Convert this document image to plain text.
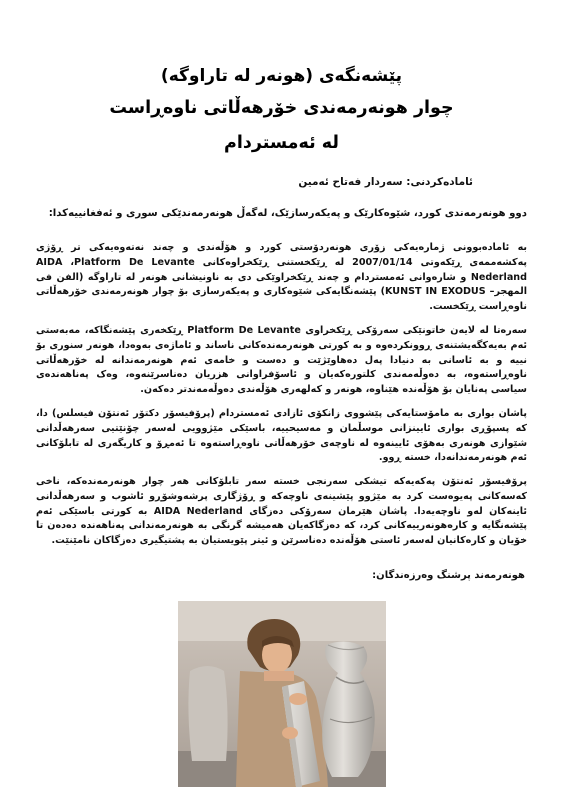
پێشەنگەی (هونەر لە تاراوگە)
چوار هونەرمەندی خۆرهەڵاتی ناوەڕاست
لە ئەمستردام
ئامادەکردنی: سەردار فەتاح ئەمین
دوو هونەرمەندی کورد، شێوەکارێک و پەیکەرسازێک، لەگەڵ هونەرمەندێکی سوری و ئەفغانییەکدا:
بە ئامادەبوونی ژمارەیەکی زۆری هونەردۆستی کورد و هۆڵەندی و چەند نەتەوەیەکی تر ڕۆژی پەکشەممەی ڕێکەوتی 2007/01/14 لە ڕێکخستنی ڕێکخراوەکانی AIDA ،Platform De Levante Nederland و شارەوانی ئەمستردام و چەند ڕێکخراوێکی دی بە ناونیشانی هونەر لە تاراوگە (الفن فی المهجر– KUNST IN EXODUS) پێشەنگایەکی شێوەکاری و پەیکەرسازی بۆ چوار هونەرمەندی خۆرهەڵاتی ناوەڕاست ڕێکخست.
سەرەتا لە لایەن خاتونێکی سەرۆکی ڕێکخراوی Platform De Levante ڕێکخەری پێشەنگاکە، مەبەستی ئەم بەیەکگەیشتنەی ڕوونکردەوە و بە کورتی هونەرمەندەکانی ناساند و ئاماژەی بەوەدا، هونەر سنوری بۆ نییە و بە ئاسانی بە دنیادا پەل دەهاوێژێت و دەست و خامەی ئەم هونەرمەندانە لە خۆرهەڵاتی ناوەڕاستەوە، بە دەوڵەمەندی کلتورەکەیان و ئاسۆفراوانی هزریان دەناسرێنەوە، وەک پەناهەندەی سیاسی پەنایان بۆ هۆڵەندە هێناوە، هونەر و کەلهەری هۆڵەندی دەوڵەمەندتر دەکەن.
پاشان بواری بە مامۆستایەکی پێشووی زانکۆی ئازادی ئەمستردام (پرۆفیسۆر دکتۆر ئەنتۆن فیسلس) دا، کە پسپۆڕی بواری ئایینزانی موسڵمان و مەسیحییە، باسێکی مێژوویی لەسەر چۆنێتیی سەرهەڵدانی شێوازی هونەری بەهۆی ئایینەوە لە ناوچەی خۆرهەڵاتی ناوەڕاستەوە تا ئەمڕۆ و کاریگەری لە تابلۆکانی ئەم هونەرمەندانەدا، خستە ڕوو.
پرۆفیسۆر ئەنتۆن پەکەیەکە تیشکی سەرنجی خستە سەر تابلۆکانی هەر چوار هونەرمەندەکە، ناخی کەسەکانی پەیوەست کرد بە مێژوو پێشینەی ناوچەکە و ڕۆژگاری پرشەوشۆڕو ئاشوب و سەرهەڵدانی ئاینەکان لەو ناوچەیەدا. پاشان هێرمان سەرۆکی دەزگای AIDA Nederland بە کورتی باسێکی ئەم پێشەنگایە و کارەهونەرییەکانی کرد، کە دەزگاکەیان هەمیشە گرنگی بە هونەرمەندانی پەناهەندە دەدەن تا خۆیان و کارەکانیان لەسەر ئاستی هۆڵەندە دەناسرێن و ئیتر پێویستیان بە پشتیگیری دەزگاکان نامێنێت.
هونەرمەند پرشنگ وەرزەندگان:
